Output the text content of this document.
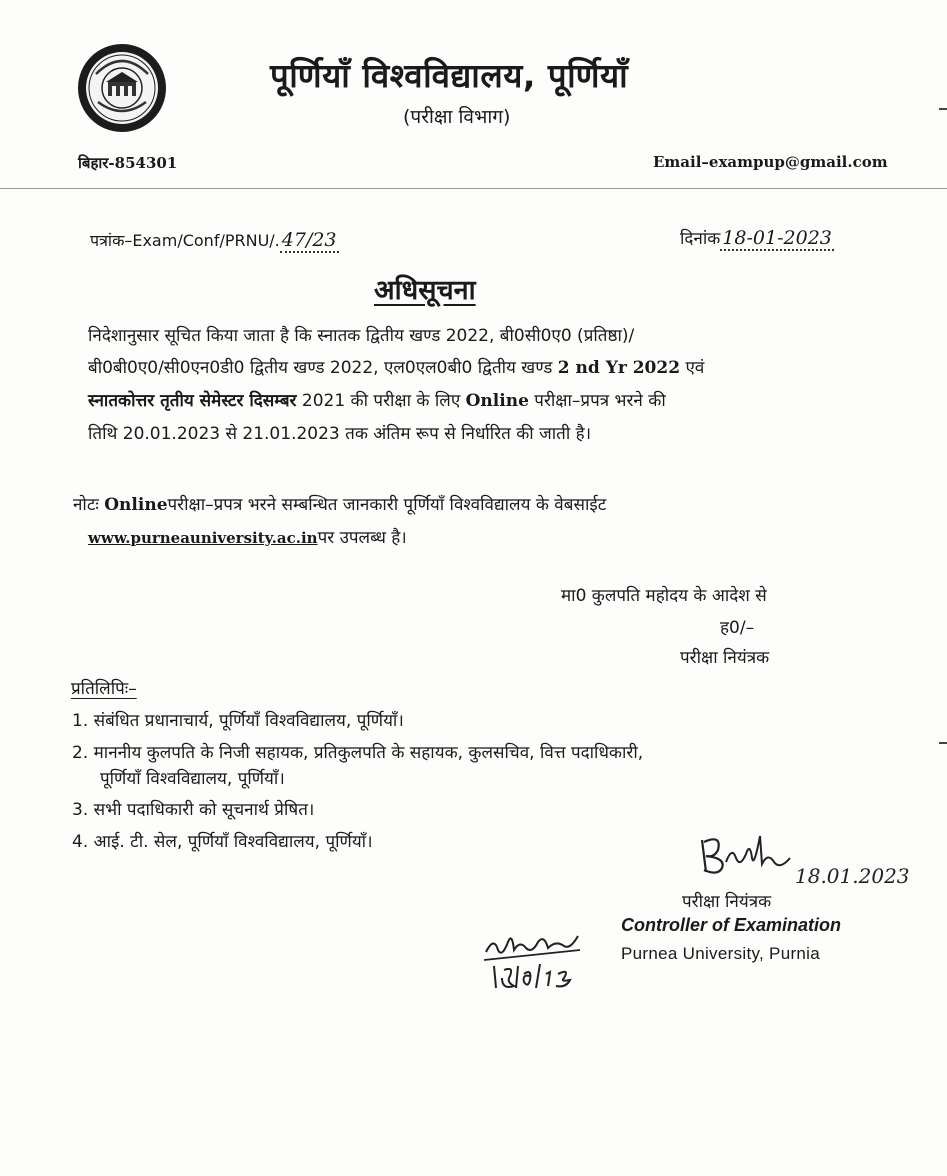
पूर्णियाँ विश्वविद्यालय, पूर्णियाँ
(परीक्षा विभाग)
बिहार-854301	Email–exampup@gmail.com
पत्रांक–Exam/Conf/PRNU/. 47/23	दिनांक 18-01-2023
अधिसूचना
निदेशानुसार सूचित किया जाता है कि स्नातक द्वितीय खण्ड 2022, बी0सी0ए0 (प्रतिष्ठा)/
बी0बी0ए0/सी0एन0डी0 द्वितीय खण्ड 2022, एल0एल0बी0 द्वितीय खण्ड 2 nd Yr 2022 एवं
स्नातकोत्तर तृतीय सेमेस्टर दिसम्बर 2021 की परीक्षा के लिए Online परीक्षा–प्रपत्र भरने की
तिथि 20.01.2023 से 21.01.2023 तक अंतिम रूप से निर्धारित की जाती है।
नोटः Onlineपरीक्षा–प्रपत्र भरने सम्बन्धित जानकारी पूर्णियाँ विश्वविद्यालय के वेबसाईट
www.purneauniversity.ac.inपर उपलब्ध है।
मा0 कुलपति महोदय के आदेश से
ह0/–
परीक्षा नियंत्रक
प्रतिलिपिः–
1. संबंधित प्रधानाचार्य, पूर्णियाँ विश्वविद्यालय, पूर्णियाँ।
2. माननीय कुलपति के निजी सहायक, प्रतिकुलपति के सहायक, कुलसचिव, वित्त पदाधिकारी,
पूर्णियाँ विश्वविद्यालय, पूर्णियाँ।
3. सभी पदाधिकारी को सूचनार्थ प्रेषित।
4. आई. टी. सेल, पूर्णियाँ विश्वविद्यालय, पूर्णियाँ।
18.01.2023
परीक्षा नियंत्रक
Controller of Examination
Purnea University, Purnia
